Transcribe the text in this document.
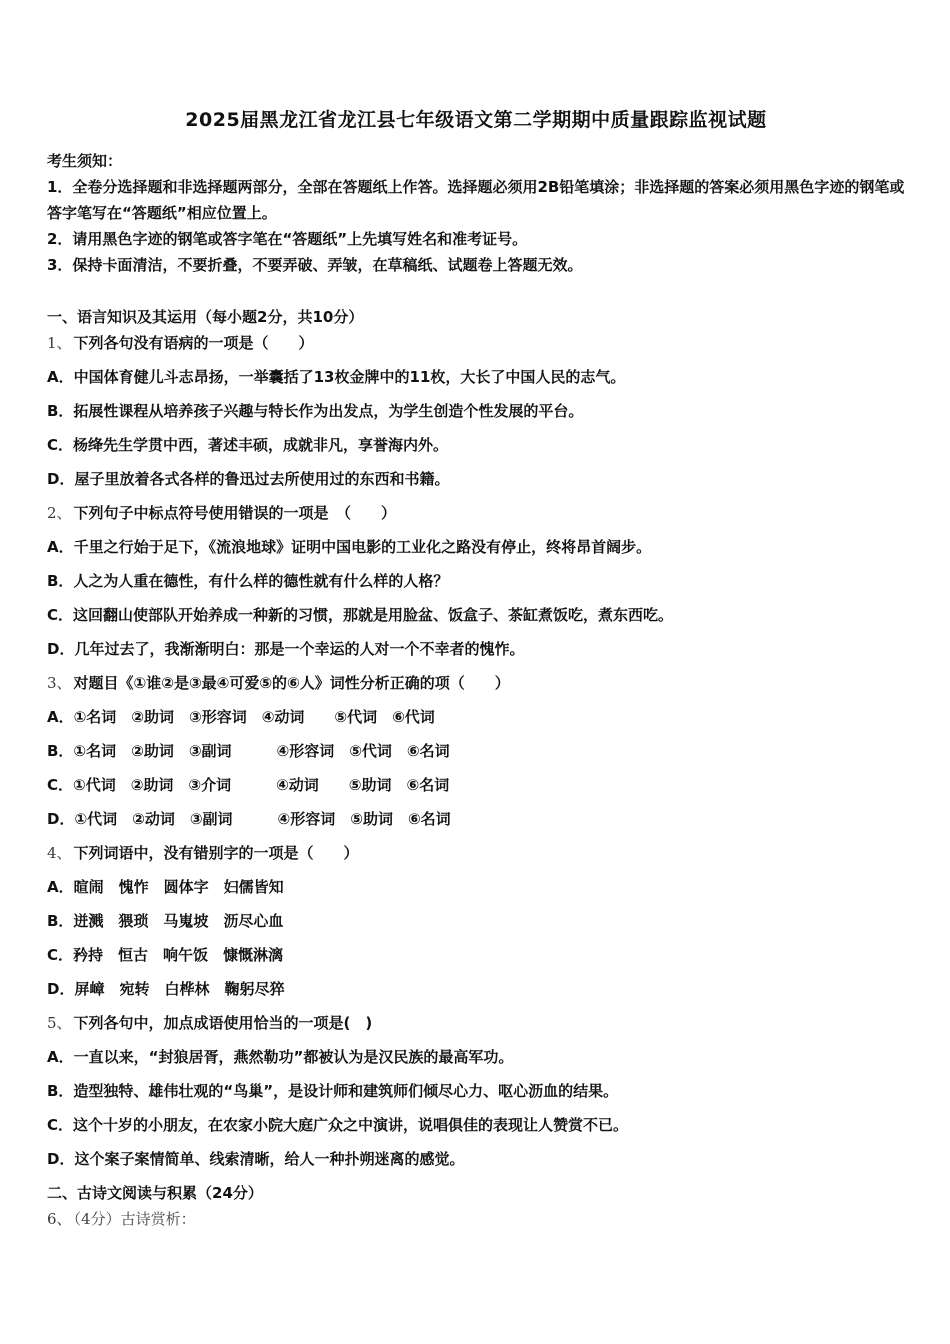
2025届黑龙江省龙江县七年级语文第二学期期中质量跟踪监视试题

考生须知：

1．全卷分选择题和非选择题两部分，全部在答题纸上作答。选择题必须用2B铅笔填涂；非选择题的答案必须用黑色字迹的钢笔或答字笔写在“答题纸”相应位置上。

2．请用黑色字迹的钢笔或答字笔在“答题纸”上先填写姓名和准考证号。

3．保持卡面清洁，不要折叠，不要弄破、弄皱，在草稿纸、试题卷上答题无效。

一、语言知识及其运用（每小题2分，共10分）

1、 下列各句没有语病的一项是（　　）

A．中国体育健儿斗志昂扬，一举囊括了13枚金牌中的11枚，大长了中国人民的志气。

B．拓展性课程从培养孩子兴趣与特长作为出发点，为学生创造个性发展的平台。

C．杨绛先生学贯中西，著述丰硕，成就非凡，享誉海内外。

D．屋子里放着各式各样的鲁迅过去所使用过的东西和书籍。

2、 下列句子中标点符号使用错误的一项是　（　　）

A．千里之行始于足下，《流浪地球》证明中国电影的工业化之路没有停止，终将昂首阔步。

B．人之为人重在德性，有什么样的德性就有什么样的人格？

C．这回翻山使部队开始养成一种新的习惯，那就是用脸盆、饭盒子、茶缸煮饭吃，煮东西吃。

D．几年过去了，我渐渐明白：那是一个幸运的人对一个不幸者的愧怍。

3、 对题目《①谁②是③最④可爱⑤的⑥人》词性分析正确的项（　　）

A．①名词　②助词　③形容词　④动词　　⑤代词　⑥代词

B．①名词　②助词　③副词　　　④形容词　⑤代词　⑥名词

C．①代词　②助词　③介词　　　④动词　　⑤助词　⑥名词

D．①代词　②动词　③副词　　　④形容词　⑤助词　⑥名词

4、 下列词语中，没有错别字的一项是（　　）

A．暄闹　愧怍　圆体字　妇儒皆知

B．迸溅　猥琐　马嵬坡　沥尽心血

C．矜持　恒古　响午饭　慷慨淋漓

D．屏嶂　宛转　白桦林　鞠躬尽猝

5、 下列各句中，加点成语使用恰当的一项是(　)

A．一直以来，“封狼居胥，燕然勒功”都被认为是汉民族的最高军功。

B．造型独特、雄伟壮观的“鸟巢”，是设计师和建筑师们倾尽心力、呕心沥血的结果。

C．这个十岁的小朋友，在农家小院大庭广众之中演讲，说唱俱佳的表现让人赞赏不已。

D．这个案子案情简单、线索清晰，给人一种扑朔迷离的感觉。

二、古诗文阅读与积累（24分）

6、 （4分）古诗赏析：
